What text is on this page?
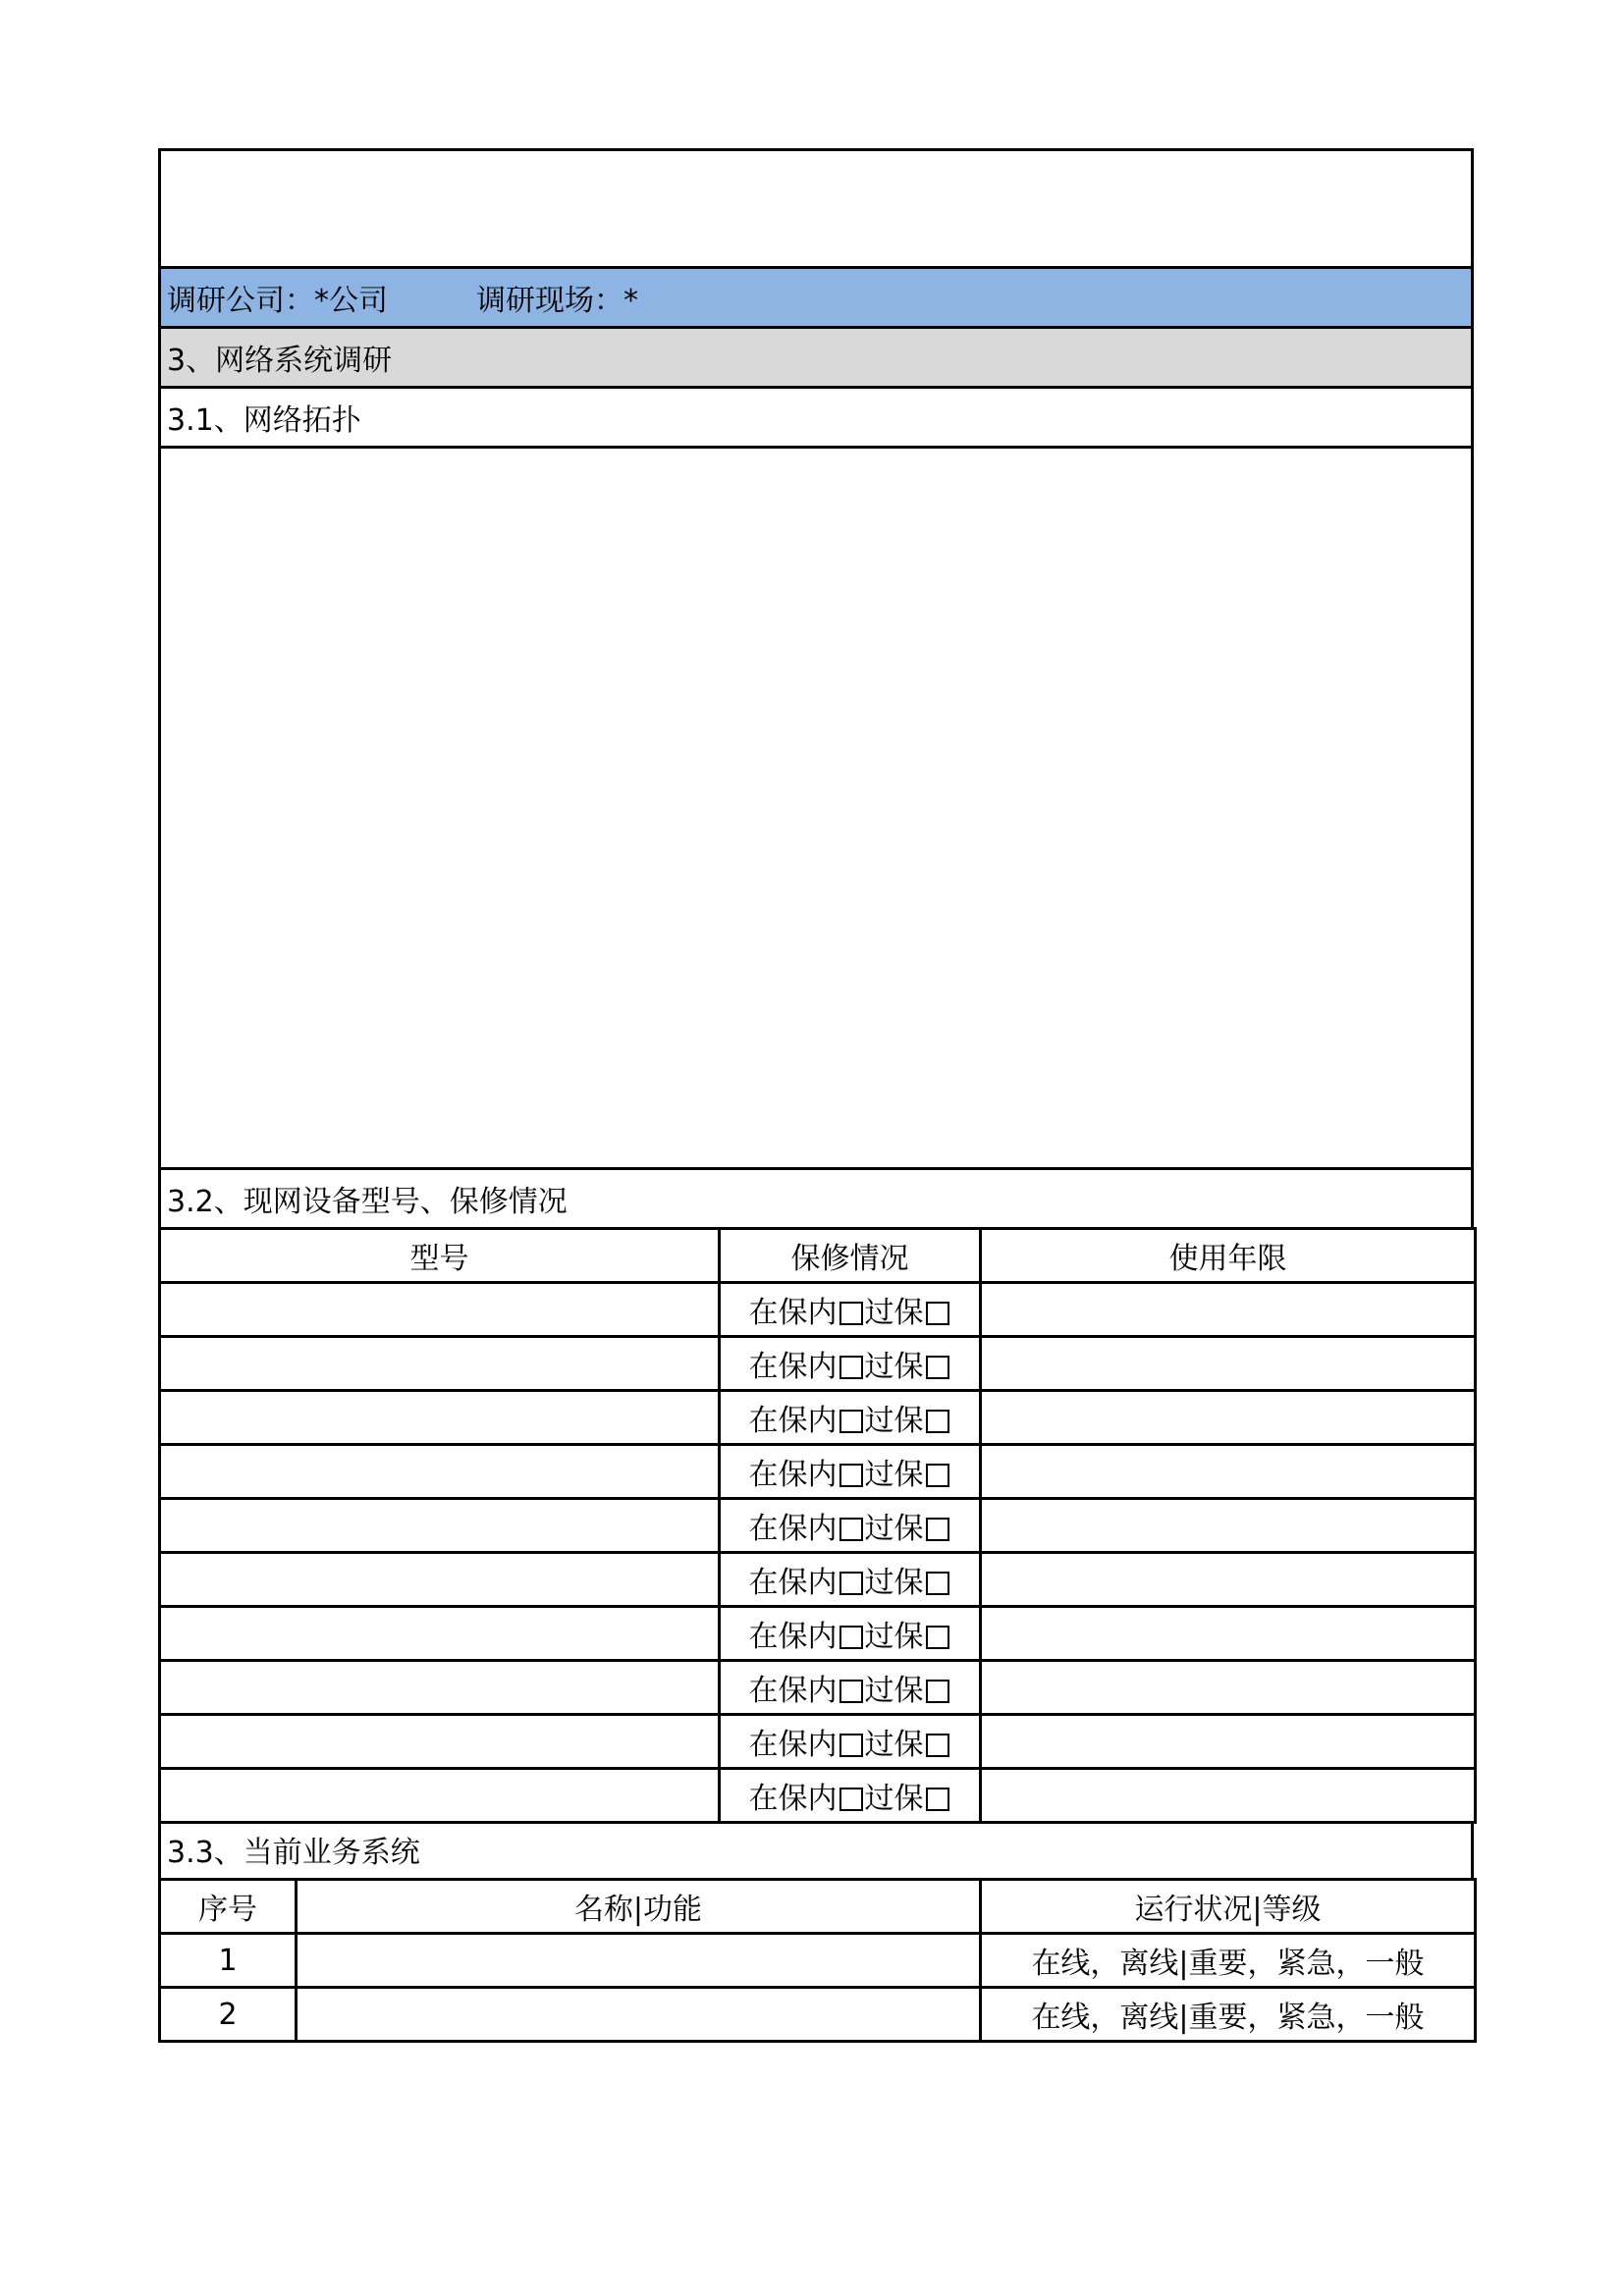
调研公司：*公司	调研现场：*
3、网络系统调研
3.1、网络拓扑
3.2、现网设备型号、保修情况
型号	保修情况	使用年限
	在保内 过保	
	在保内 过保	
	在保内 过保	
	在保内 过保	
	在保内 过保	
	在保内 过保	
	在保内 过保	
	在保内 过保	
	在保内 过保	
	在保内 过保	
3.3、当前业务系统
序号	名称|功能	运行状况|等级
1		在线，离线|重要，紧急，一般
2		在线，离线|重要，紧急，一般
